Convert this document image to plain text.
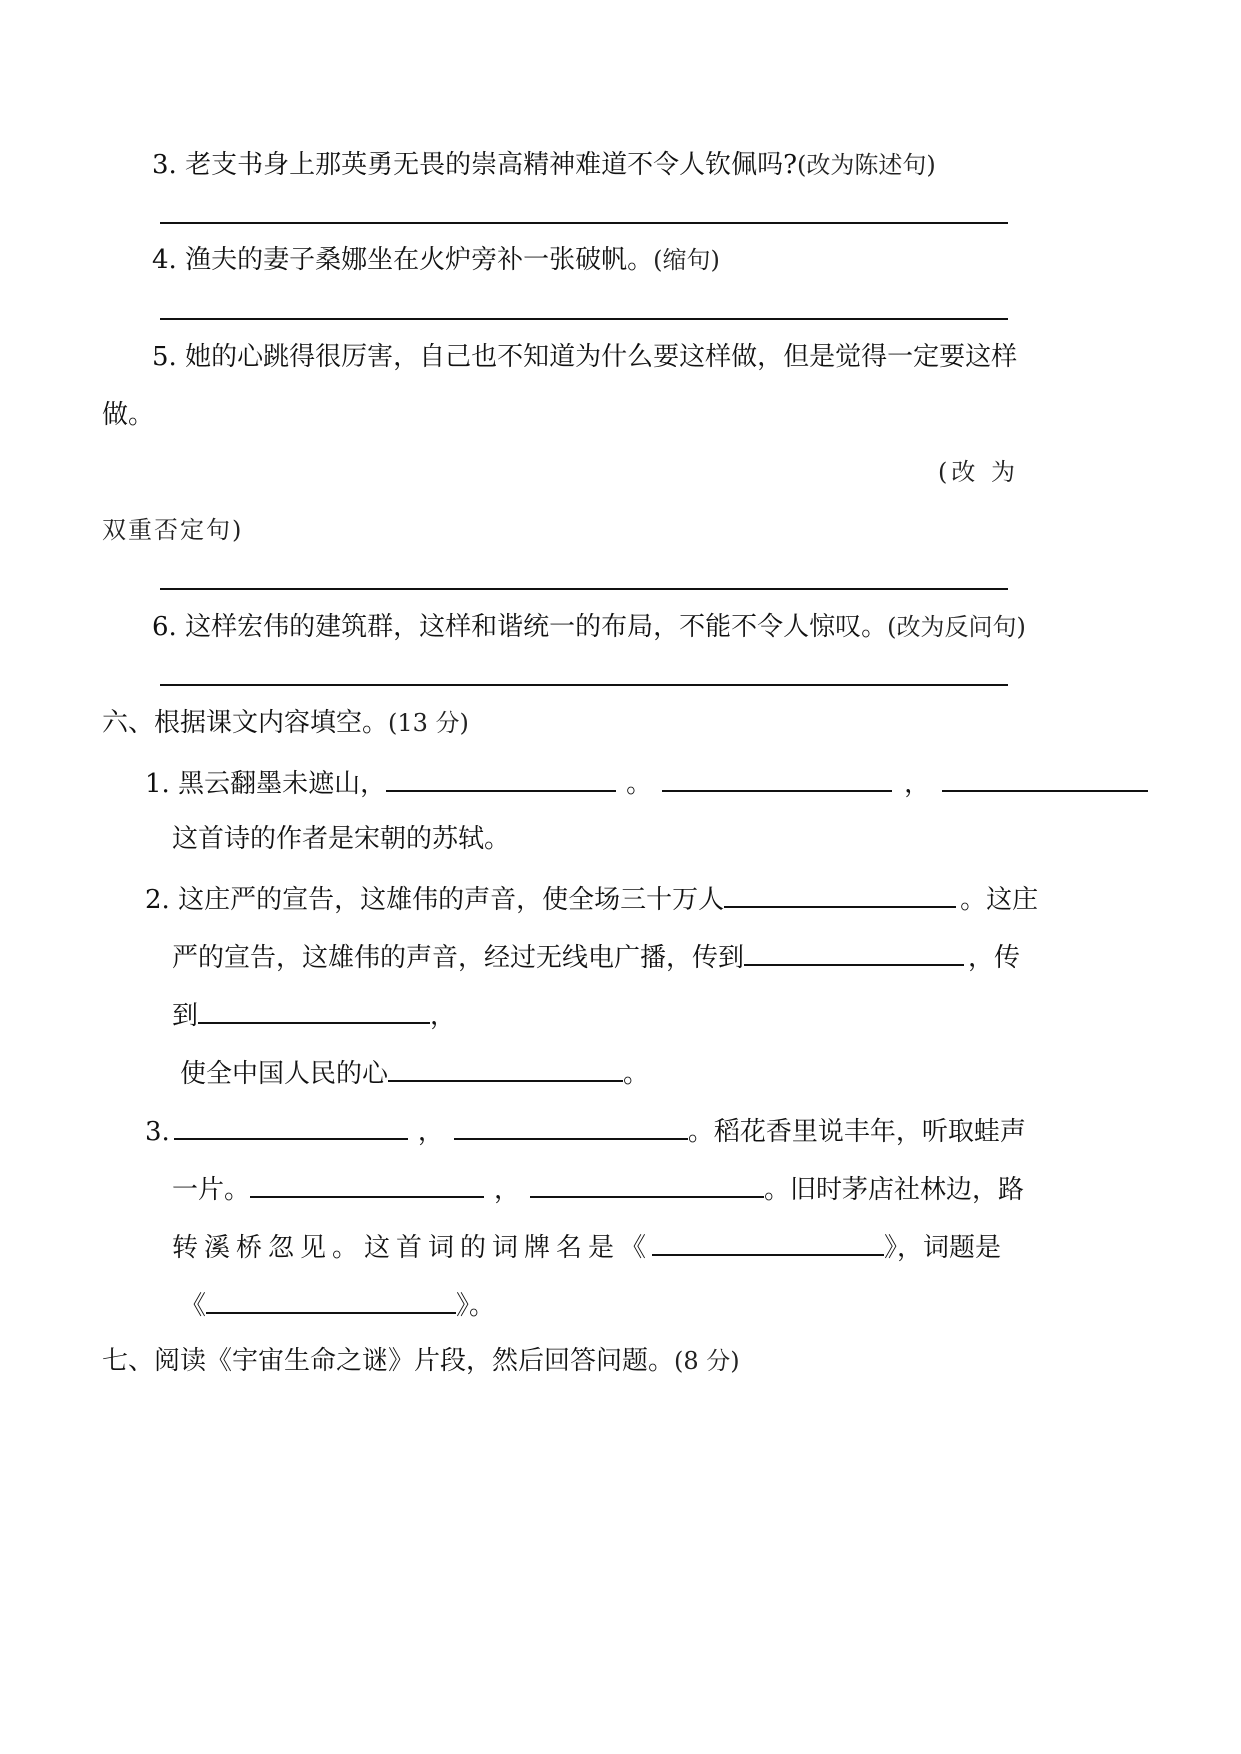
3. 老支书身上那英勇无畏的崇高精神难道不令人钦佩吗?(改为陈述句)
4. 渔夫的妻子桑娜坐在火炉旁补一张破帆。(缩句)
5. 她的心跳得很厉害，自己也不知道为什么要这样做，但是觉得一定要这样
做。
(改 为
双重否定句)
6. 这样宏伟的建筑群，这样和谐统一的布局，不能不令人惊叹。(改为反问句)
六、根据课文内容填空。(13 分)
1. 黑云翻墨未遮山，	。	，
这首诗的作者是宋朝的苏轼。
2. 这庄严的宣告，这雄伟的声音，使全场三十万人	。这庄
严的宣告，这雄伟的声音，经过无线电广播，传到	，传
到	，
使全中国人民的心	。
3.	，	。稻花香里说丰年，听取蛙声
一片。	，	。旧时茅店社林边，路
转溪桥忽见。这首词的词牌名是《	》，词题是
《	》。
七、阅读《宇宙生命之谜》片段，然后回答问题。(8 分)
